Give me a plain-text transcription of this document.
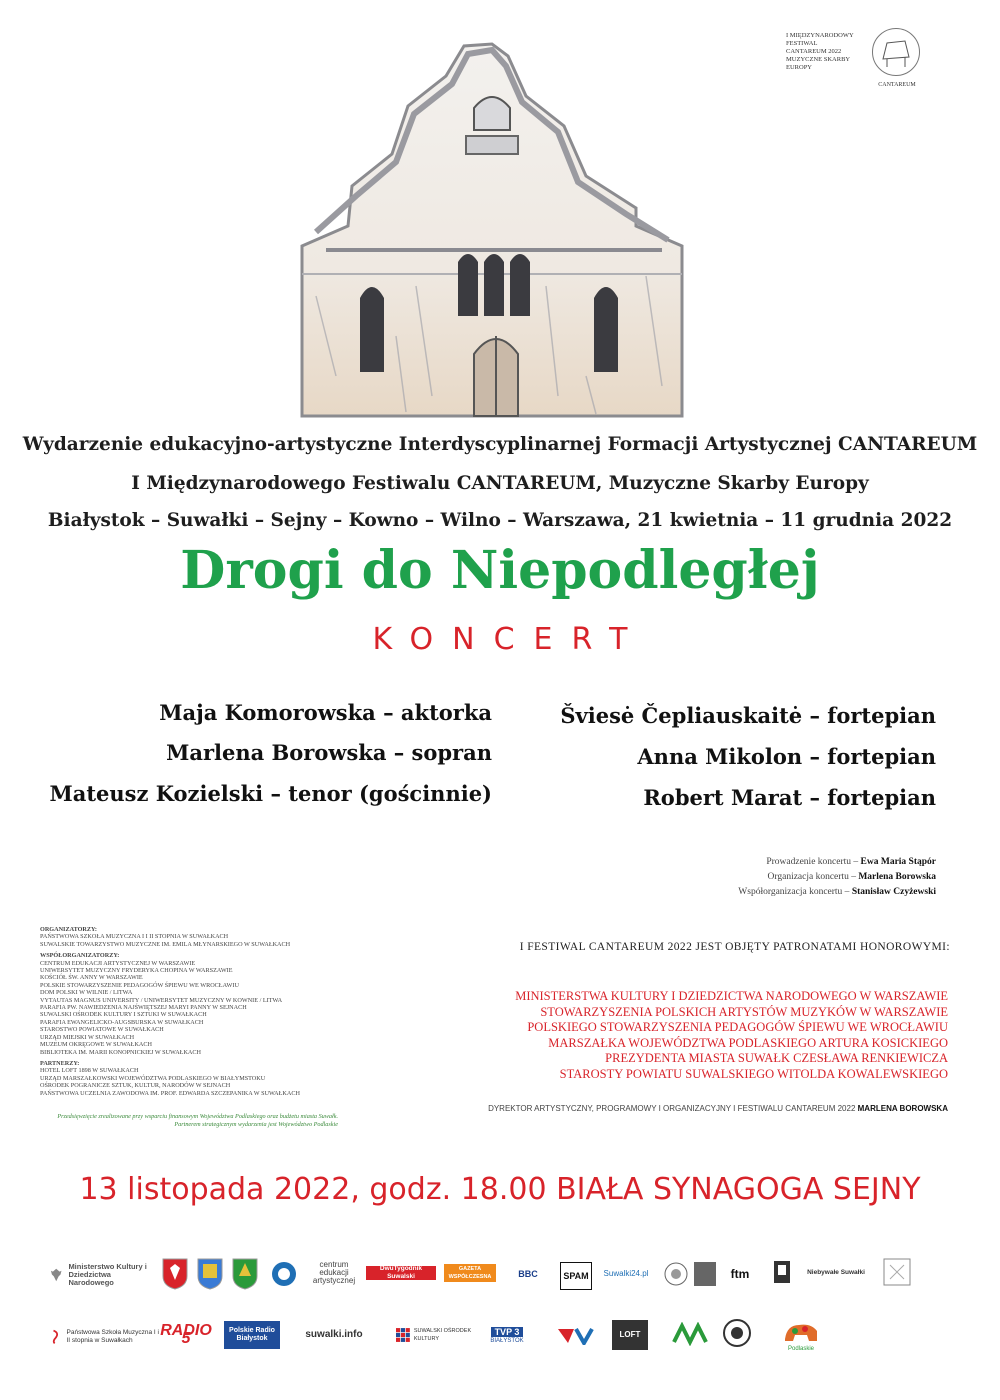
I MIĘDZYNARODOWY
FESTIWAL
CANTAREUM 2022
MUZYCZNE SKARBY
EUROPY
CANTAREUM
Wydarzenie edukacyjno-artystyczne Interdyscyplinarnej Formacji Artystycznej CANTAREUM
I Międzynarodowego Festiwalu CANTAREUM, Muzyczne Skarby Europy
Białystok – Suwałki – Sejny – Kowno – Wilno – Warszawa, 21 kwietnia – 11 grudnia 2022
Drogi do Niepodległej
KONCERT
Maja Komorowska – aktorka
Marlena Borowska – sopran
Mateusz Kozielski – tenor (gościnnie)
Šviesė Čepliauskaitė – fortepian
Anna Mikolon – fortepian
Robert Marat – fortepian
Prowadzenie koncertu – Ewa Maria Stąpór
Organizacja koncertu – Marlena Borowska
Współorganizacja koncertu – Stanisław Czyżewski
ORGANIZATORZY:
PAŃSTWOWA SZKOŁA MUZYCZNA I I II STOPNIA W SUWAŁKACH
SUWALSKIE TOWARZYSTWO MUZYCZNE IM. EMILA MŁYNARSKIEGO W SUWAŁKACH
WSPÓŁORGANIZATORZY:
CENTRUM EDUKACJI ARTYSTYCZNEJ W WARSZAWIE
UNIWERSYTET MUZYCZNY FRYDERYKA CHOPINA W WARSZAWIE
KOŚCIÓŁ ŚW. ANNY W WARSZAWIE
POLSKIE STOWARZYSZENIE PEDAGOGÓW ŚPIEWU WE WROCŁAWIU
DOM POLSKI W WILNIE / LITWA
VYTAUTAS MAGNUS UNIVERSITY / UNIWERSYTET MUZYCZNY W KOWNIE / LITWA
PARAFIA PW. NAWIEDZENIA NAJŚWIĘTSZEJ MARYI PANNY W SEJNACH
SUWALSKI OŚRODEK KULTURY I SZTUKI W SUWAŁKACH
PARAFIA EWANGELICKO-AUGSBURSKA W SUWAŁKACH
STAROSTWO POWIATOWE W SUWAŁKACH
URZĄD MIEJSKI W SUWAŁKACH
MUZEUM OKRĘGOWE W SUWAŁKACH
BIBLIOTEKA IM. MARII KONOPNICKIEJ W SUWAŁKACH
PARTNERZY:
HOTEL LOFT 1898 W SUWAŁKACH
URZĄD MARSZAŁKOWSKI WOJEWÓDZTWA PODLASKIEGO W BIAŁYMSTOKU
OŚRODEK POGRANICZE SZTUK, KULTUR, NARODÓW W SEJNACH
PAŃSTWOWA UCZELNIA ZAWODOWA IM. PROF. EDWARDA SZCZEPANIKA W SUWAŁKACH
Przedsięwzięcie zrealizowane przy wsparciu finansowym Województwa Podlaskiego oraz budżetu miasta Suwałk.
Partnerem strategicznym wydarzenia jest Województwo Podlaskie
I FESTIWAL CANTAREUM 2022 JEST OBJĘTY PATRONATAMI HONOROWYMI:
MINISTERSTWA KULTURY I DZIEDZICTWA NARODOWEGO W WARSZAWIE
STOWARZYSZENIA POLSKICH ARTYSTÓW MUZYKÓW W WARSZAWIE
POLSKIEGO STOWARZYSZENIA PEDAGOGÓW ŚPIEWU WE WROCŁAWIU
MARSZAŁKA WOJEWÓDZTWA PODLASKIEGO ARTURA KOSICKIEGO
PREZYDENTA MIASTA SUWAŁK CZESŁAWA RENKIEWICZA
STAROSTY POWIATU SUWALSKIEGO WITOLDA KOWALEWSKIEGO
DYREKTOR ARTYSTYCZNY, PROGRAMOWY I ORGANIZACYJNY I FESTIWALU CANTAREUM 2022 MARLENA BOROWSKA
13 listopada 2022, godz. 18.00 BIAŁA SYNAGOGA SEJNY
Ministerstwo Kultury i Dziedzictwa Narodowego
centrum edukacji artystycznej
DwuTygodnik Suwalski
GAZETA WSPÓŁCZESNA	BBC	SPAM	Suwalki24.pl	ftm	Niebywałe Suwałki
Państwowa Szkoła Muzyczna I i II stopnia w Suwałkach
RADIO 5	Polskie Radio Białystok	suwalki.info	SUWALSKI OŚRODEK KULTURY
TVP 3
BIAŁYSTOK
LOFT
Podlaskie
